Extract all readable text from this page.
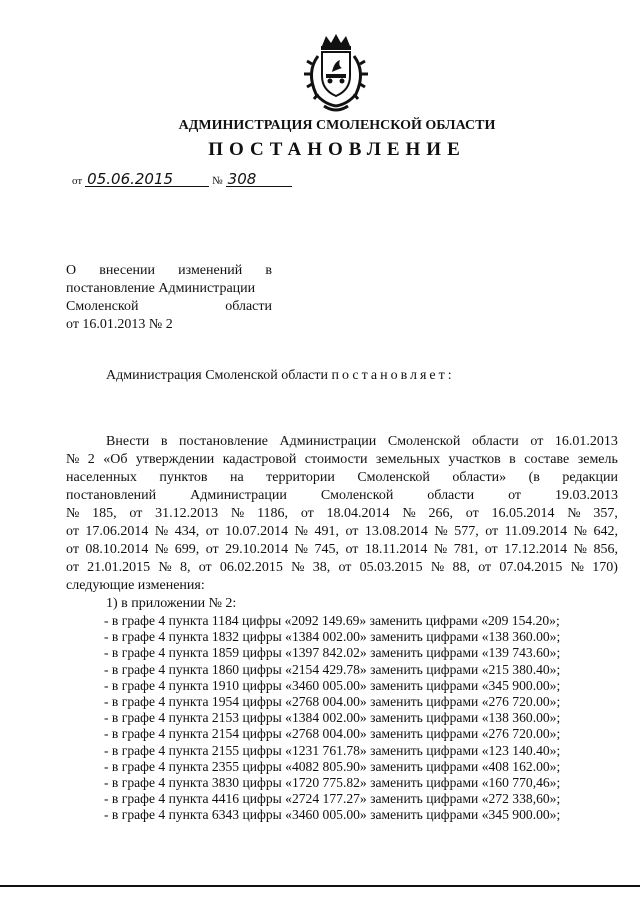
АДМИНИСТРАЦИЯ СМОЛЕНСКОЙ ОБЛАСТИ
ПОСТАНОВЛЕНИЕ
от 05.06.2015	№ 308
О внесении изменений в
постановление Администрации
Смоленской	области
от 16.01.2013 № 2
Администрация Смоленской области постановляет:
Внести в постановление Администрации Смоленской области от 16.01.2013
№ 2 «Об утверждении кадастровой стоимости земельных участков в составе земель
населенных пунктов на территории Смоленской области» (в редакции
постановлений Администрации Смоленской области от 19.03.2013
№ 185, от 31.12.2013 № 1186, от 18.04.2014 № 266, от 16.05.2014 № 357,
от 17.06.2014 № 434, от 10.07.2014 № 491, от 13.08.2014 № 577, от 11.09.2014 № 642,
от 08.10.2014 № 699, от 29.10.2014 № 745, от 18.11.2014 № 781, от 17.12.2014 № 856,
от 21.01.2015 № 8, от 06.02.2015 № 38, от 05.03.2015 № 88, от 07.04.2015 № 170)
следующие изменения:
1) в приложении № 2:
- в графе 4 пункта 1184 цифры «2092 149.69» заменить цифрами «209 154.20»;
- в графе 4 пункта 1832 цифры «1384 002.00» заменить цифрами «138 360.00»;
- в графе 4 пункта 1859 цифры «1397 842.02» заменить цифрами «139 743.60»;
- в графе 4 пункта 1860 цифры «2154 429.78» заменить цифрами «215 380.40»;
- в графе 4 пункта 1910 цифры «3460 005.00» заменить цифрами «345 900.00»;
- в графе 4 пункта 1954 цифры «2768 004.00» заменить цифрами «276 720.00»;
- в графе 4 пункта 2153 цифры «1384 002.00» заменить цифрами «138 360.00»;
- в графе 4 пункта 2154 цифры «2768 004.00» заменить цифрами «276 720.00»;
- в графе 4 пункта 2155 цифры «1231 761.78» заменить цифрами «123 140.40»;
- в графе 4 пункта 2355 цифры «4082 805.90» заменить цифрами «408 162.00»;
- в графе 4 пункта 3830 цифры «1720 775.82» заменить цифрами «160 770,46»;
- в графе 4 пункта 4416 цифры «2724 177.27» заменить цифрами «272 338,60»;
- в графе 4 пункта 6343 цифры «3460 005.00» заменить цифрами «345 900.00»;
